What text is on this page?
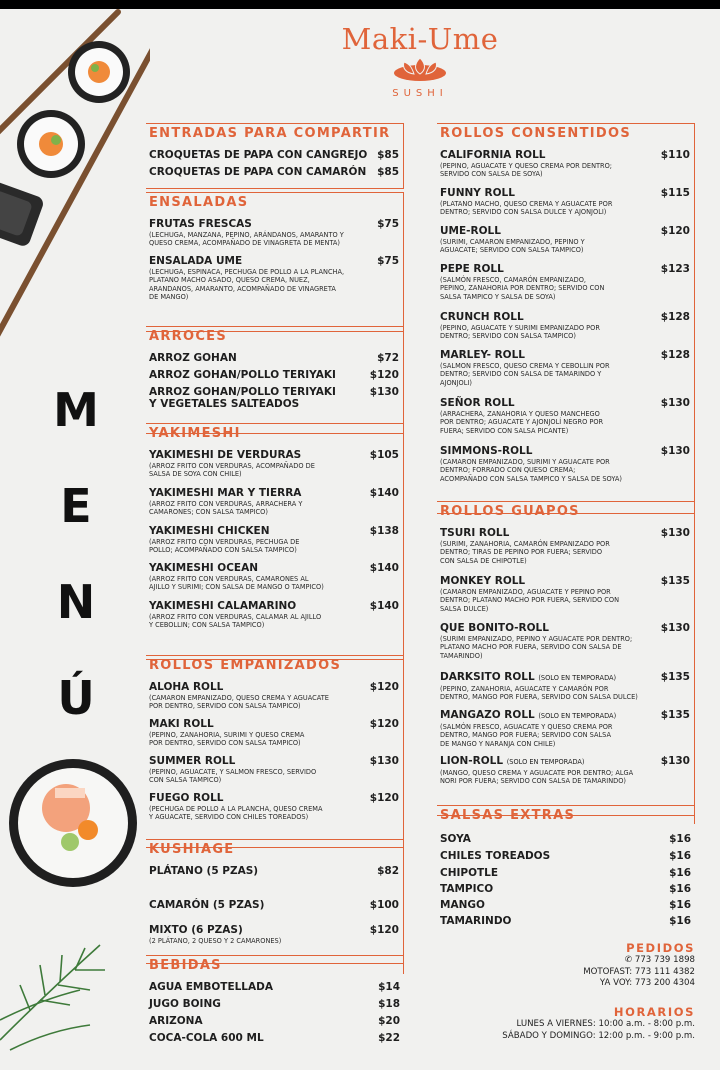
Maki-Ume
SUSHI
M
E
N
Ú
ENTRADAS PARA COMPARTIR
CROQUETAS DE PAPA CON CANGREJO $85
CROQUETAS DE PAPA CON CAMARÓN	$85
ENSALADAS
FRUTAS FRESCAS	$75
(LECHUGA, MANZANA, PEPINO, ARÁNDANOS, AMARANTO Y
QUESO CREMA, ACOMPAÑADO DE VINAGRETA DE MENTA)
ENSALADA UME	$75
(LECHUGA, ESPINACA, PECHUGA DE POLLO A LA PLANCHA,
PLATANO MACHO ASADO, QUESO CREMA, NUEZ,
ARANDANOS, AMARANTO, ACOMPAÑADO DE VINAGRETA
DE MANGO)
ARROCES
ARROZ GOHAN	$72
ARROZ GOHAN/POLLO TERIYAKI	$120
ARROZ GOHAN/POLLO TERIYAKI
Y VEGETALES SALTEADOS
$130
YAKIMESHI
YAKIMESHI DE VERDURAS	$105
(ARROZ FRITO CON VERDURAS, ACOMPAÑADO DE
SALSA DE SOYA CON CHILE)
YAKIMESHI MAR Y TIERRA	$140
(ARROZ FRITO CON VERDURAS, ARRACHERA Y
CAMARONES; CON SALSA TAMPICO)
YAKIMESHI CHICKEN	$138
(ARROZ FRITO CON VERDURAS, PECHUGA DE
POLLO; ACOMPAÑADO CON SALSA TAMPICO)
YAKIMESHI OCEAN	$140
(ARROZ FRITO CON VERDURAS, CAMARONES AL
AJILLO Y SURIMI; CON SALSA DE MANGO O TAMPICO)
YAKIMESHI CALAMARINO	$140
(ARROZ FRITO CON VERDURAS, CALAMAR AL AJILLO
Y CEBOLLIN; CON SALSA TAMPICO)
ROLLOS EMPANIZADOS
ALOHA ROLL	$120
(CAMARON EMPANIZADO, QUESO CREMA Y AGUACATE
POR DENTRO, SERVIDO CON SALSA TAMPICO)
MAKI ROLL	$120
(PEPINO, ZANAHORIA, SURIMI Y QUESO CREMA
POR DENTRO, SERVIDO CON SALSA TAMPICO)
SUMMER ROLL	$130
(PEPINO, AGUACATE, Y SALMON FRESCO, SERVIDO
CON SALSA TAMPICO)
FUEGO ROLL	$120
(PECHUGA DE POLLO A LA PLANCHA, QUESO CREMA
Y AGUACATE, SERVIDO CON CHILES TOREADOS)
KUSHIAGE
PLÁTANO (5 PZAS)	$82
CAMARÓN (5 PZAS)	$100
MIXTO (6 PZAS)	$120
(2 PLÁTANO, 2 QUESO Y 2 CAMARONES)
BEBIDAS
AGUA EMBOTELLADA	$14
JUGO BOING	$18
ARIZONA	$20
COCA-COLA 600 ML	$22
ROLLOS CONSENTIDOS
CALIFORNIA ROLL	$110
(PEPINO, AGUACATE Y QUESO CREMA POR DENTRO;
SERVIDO CON SALSA DE SOYA)
FUNNY ROLL	$115
(PLATANO MACHO, QUESO CREMA Y AGUACATE POR
DENTRO; SERVIDO CON SALSA DULCE Y AJONJOLI)
UME-ROLL	$120
(SURIMI, CAMARON EMPANIZADO, PEPINO Y
AGUACATE; SERVIDO CON SALSA TAMPICO)
PEPE ROLL	$123
(SALMÓN FRESCO, CAMARÓN EMPANIZADO,
PEPINO, ZANAHORIA POR DENTRO; SERVIDO CON
SALSA TAMPICO Y SALSA DE SOYA)
CRUNCH ROLL	$128
(PEPINO, AGUACATE Y SURIMI EMPANIZADO POR
DENTRO; SERVIDO CON SALSA TAMPICO)
MARLEY- ROLL	$128
(SALMON FRESCO, QUESO CREMA Y CEBOLLIN POR
DENTRO; SERVIDO CON SALSA DE TAMARINDO Y
AJONJOLI)
SEÑOR ROLL	$130
(ARRACHERA, ZANAHORIA Y QUESO MANCHEGO
POR DENTRO; AGUACATE Y AJONJOLÍ NEGRO POR
FUERA; SERVIDO CON SALSA PICANTE)
SIMMONS-ROLL	$130
(CAMARON EMPANIZADO, SURIMI Y AGUACATE POR
DENTRO; FORRADO CON QUESO CREMA;
ACOMPAÑADO CON SALSA TAMPICO Y SALSA DE SOYA)
ROLLOS GUAPOS
TSURI ROLL	$130
(SURIMI, ZANAHORIA, CAMARÓN EMPANIZADO POR
DENTRO; TIRAS DE PEPINO POR FUERA; SERVIDO
CON SALSA DE CHIPOTLE)
MONKEY ROLL	$135
(CAMARON EMPANIZADO, AGUACATE Y PEPINO POR
DENTRO; PLATANO MACHO POR FUERA, SERVIDO CON
SALSA DULCE)
QUE BONITO-ROLL	$130
(SURIMI EMPANIZADO, PEPINO Y AGUACATE POR DENTRO;
PLATANO MACHO POR FUERA, SERVIDO CON SALSA DE
TAMARINDO)
DARKSITO ROLL (SOLO EN TEMPORADA)	$135
(PEPINO, ZANAHORIA, AGUACATE Y CAMARÓN POR
DENTRO, MANGO POR FUERA, SERVIDO CON SALSA DULCE)
MANGAZO ROLL (SOLO EN TEMPORADA)	$135
(SALMÓN FRESCO, AGUACATE Y QUESO CREMA POR
DENTRO, MANGO POR FUERA; SERVIDO CON SALSA
DE MANGO Y NARANJA CON CHILE)
LION-ROLL (SOLO EN TEMPORADA)	$130
(MANGO, QUESO CREMA Y AGUACATE POR DENTRO; ALGA
NORI POR FUERA; SERVIDO CON SALSA DE TAMARINDO)
SALSAS EXTRAS
SOYA	$16
CHILES TOREADOS	$16
CHIPOTLE	$16
TAMPICO	$16
MANGO	$16
TAMARINDO	$16
PEDIDOS
✆ 773 739 1898
MOTOFAST: 773 111 4382
YA VOY: 773 200 4304
HORARIOS
LUNES A VIERNES: 10:00 a.m. - 8:00 p.m.
SÁBADO Y DOMINGO: 12:00 p.m. - 9:00 p.m.
